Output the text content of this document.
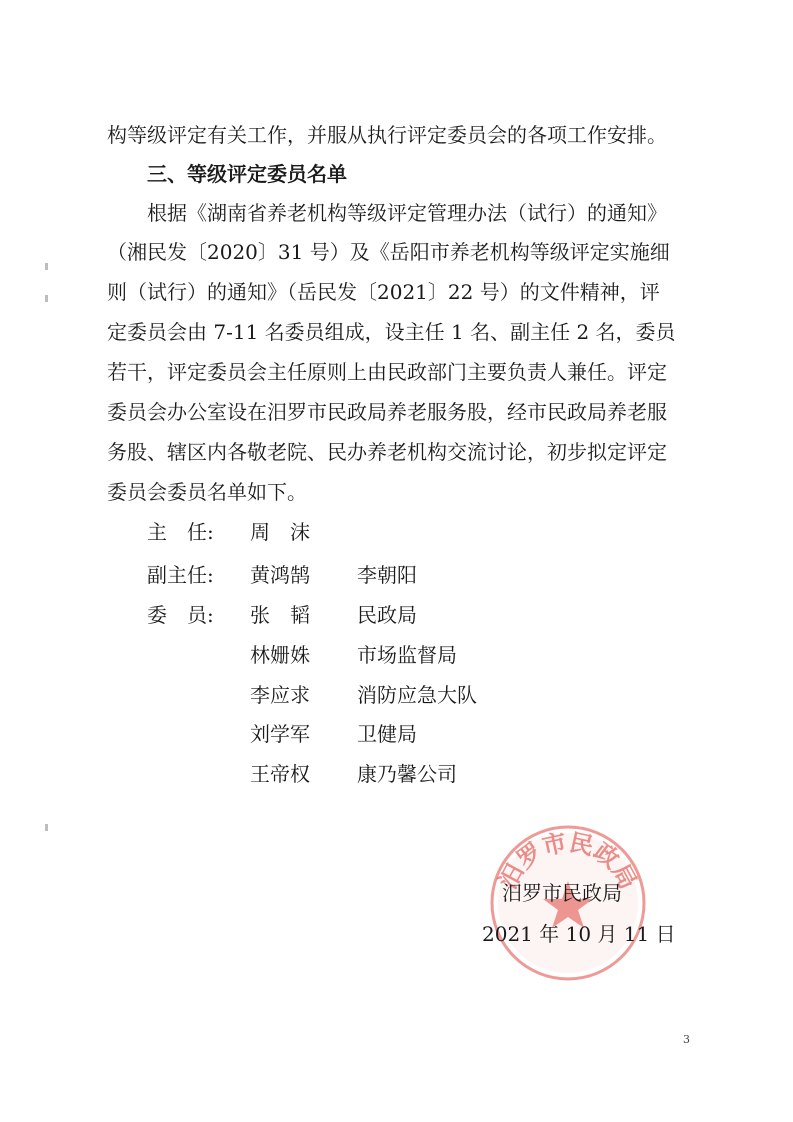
构等级评定有关工作，并服从执行评定委员会的各项工作安排。
三、等级评定委员名单
根据《湖南省养老机构等级评定管理办法（试行）的通知》
（湘民发〔2020〕31 号）及《岳阳市养老机构等级评定实施细
则（试行）的通知》（岳民发〔2021〕22 号）的文件精神，评
定委员会由 7-11 名委员组成，设主任 1 名、副主任 2 名，委员
若干，评定委员会主任原则上由民政部门主要负责人兼任。评定
委员会办公室设在汨罗市民政局养老服务股，经市民政局养老服
务股、辖区内各敬老院、民办养老机构交流讨论，初步拟定评定
委员会委员名单如下。
主　任: 周　沫
副主任: 黄鸿鹄 李朝阳
委　员: 张　韬 民政局
林姗姝 市场监督局
李应求 消防应急大队
刘学军 卫健局
王帝权 康乃馨公司
汨罗市民政局
汨罗市民政局
2021 年 10 月 11 日
3
